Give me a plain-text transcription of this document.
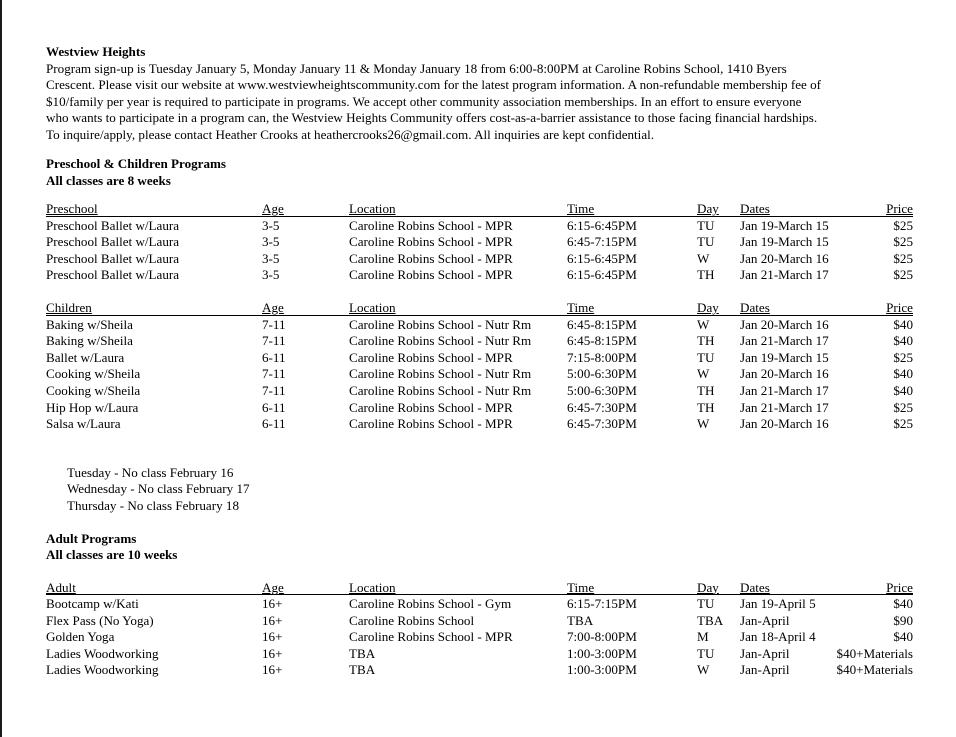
Westview Heights

Program sign-up is Tuesday January 5, Monday January 11 & Monday January 18 from 6:00-8:00PM at Caroline Robins School, 1410 Byers

Crescent. Please visit our website at www.westviewheightscommunity.com for the latest program information. A non-refundable membership fee of

$10/family per year is required to participate in programs. We accept other community association memberships. In an effort to ensure everyone

who wants to participate in a program can, the Westview Heights Community offers cost-as-a-barrier assistance to those facing financial hardships.

To inquire/apply, please contact Heather Crooks at heathercrooks26@gmail.com. All inquiries are kept confidential.

Preschool & Children Programs
All classes are 8 weeks
Preschool	Age	Location	Time	Day Dates	Price
Preschool Ballet w/Laura	3-5	Caroline Robins School - MPR	6:15-6:45PM	TU Jan 19-March 15	$25
Preschool Ballet w/Laura	3-5	Caroline Robins School - MPR	6:45-7:15PM	TU Jan 19-March 15	$25
Preschool Ballet w/Laura	3-5	Caroline Robins School - MPR	6:15-6:45PM	W Jan 20-March 16	$25
Preschool Ballet w/Laura	3-5	Caroline Robins School - MPR	6:15-6:45PM	TH Jan 21-March 17	$25
Children	Age	Location	Time	Day Dates	Price
Baking w/Sheila	7-11	Caroline Robins School - Nutr Rm	6:45-8:15PM	W Jan 20-March 16	$40
Baking w/Sheila	7-11	Caroline Robins School - Nutr Rm	6:45-8:15PM	TH Jan 21-March 17	$40
Ballet w/Laura	6-11	Caroline Robins School - MPR	7:15-8:00PM	TU Jan 19-March 15	$25
Cooking w/Sheila	7-11	Caroline Robins School - Nutr Rm	5:00-6:30PM	W Jan 20-March 16	$40
Cooking w/Sheila	7-11	Caroline Robins School - Nutr Rm	5:00-6:30PM	TH Jan 21-March 17	$40
Hip Hop w/Laura	6-11	Caroline Robins School - MPR	6:45-7:30PM	TH Jan 21-March 17	$25
Salsa w/Laura	6-11	Caroline Robins School - MPR	6:45-7:30PM	W Jan 20-March 16	$25
Tuesday - No class February 16
Wednesday - No class February 17
Thursday - No class February 18
Adult Programs
All classes are 10 weeks
Adult	Age	Location	Time	Day Dates	Price
Bootcamp w/Kati	16+	Caroline Robins School - Gym	6:15-7:15PM	TU Jan 19-April 5	$40
Flex Pass (No Yoga)	16+	Caroline Robins School	TBA	TBA Jan-April	$90
Golden Yoga	16+	Caroline Robins School - MPR	7:00-8:00PM	M Jan 18-April 4	$40
Ladies Woodworking	16+	TBA	1:00-3:00PM	TU Jan-April	$40+Materials
Ladies Woodworking	16+	TBA	1:00-3:00PM	W Jan-April	$40+Materials
